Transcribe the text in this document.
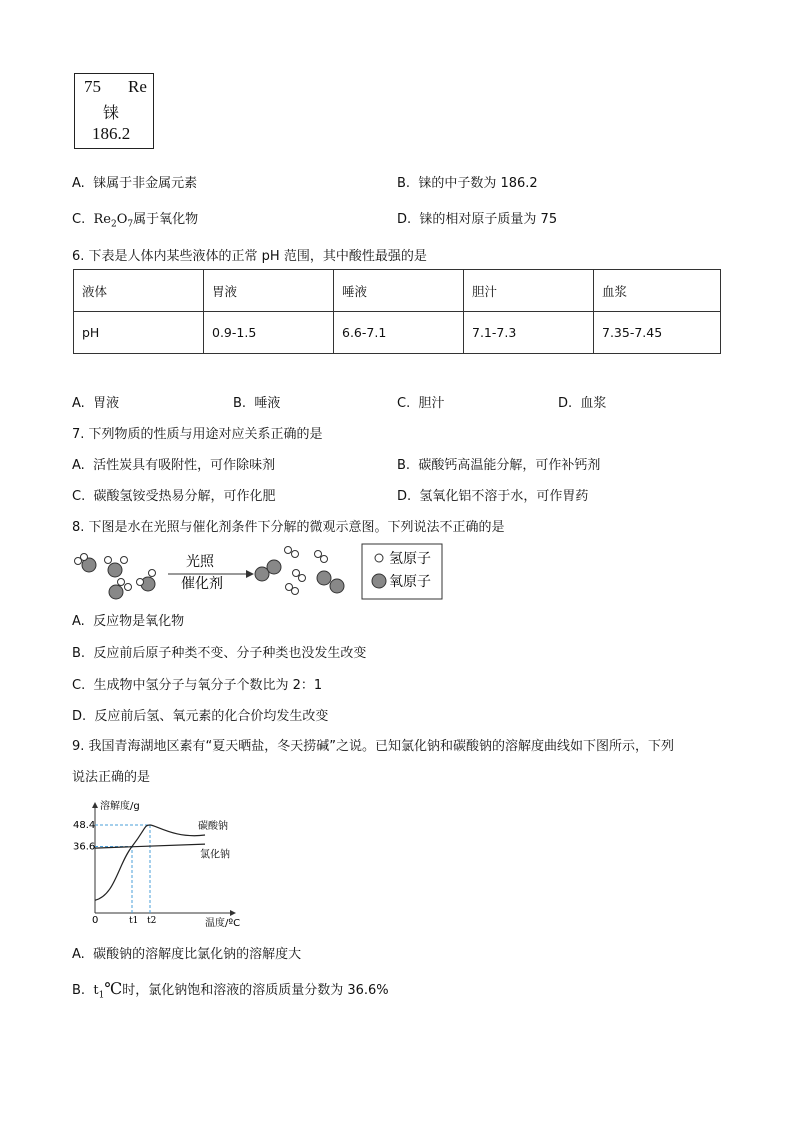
75 Re
铼
186.2
A. 铼属于非金属元素	B. 铼的中子数为 186.2
C. $Re_2O_7$属于氧化物	D. 铼的相对原子质量为 75
6. 下表是人体内某些液体的正常 pH 范围，其中酸性最强的是
液体	胃液	唾液	胆汁	血浆
pH	0.9-1.5	6.6-7.1	7.1-7.3	7.35-7.45
A. 胃液	B. 唾液	C. 胆汁	D. 血浆
7. 下列物质的性质与用途对应关系正确的是
A. 活性炭具有吸附性，可作除味剂	B. 碳酸钙高温能分解，可作补钙剂
C. 碳酸氢铵受热易分解，可作化肥	D. 氢氧化铝不溶于水，可作胃药
8. 下图是水在光照与催化剂条件下分解的微观示意图。下列说法不正确的是
光照
催化剂
氢原子
氧原子
A. 反应物是氧化物
B. 反应前后原子种类不变、分子种类也没发生改变
C. 生成物中氢分子与氧分子个数比为 2：1
D. 反应前后氢、氧元素的化合价均发生改变
9. 我国青海湖地区素有“夏天晒盐，冬天捞碱”之说。已知氯化钠和碳酸钠的溶解度曲线如下图所示，下列
说法正确的是
溶解度/g
温度/ºC
0
36.6
48.4
t1 t2
碳酸钠
氯化钠
A. 碳酸钠的溶解度比氯化钠的溶解度大
B. $t_1℃$时，氯化钠饱和溶液的溶质质量分数为 36.6%
